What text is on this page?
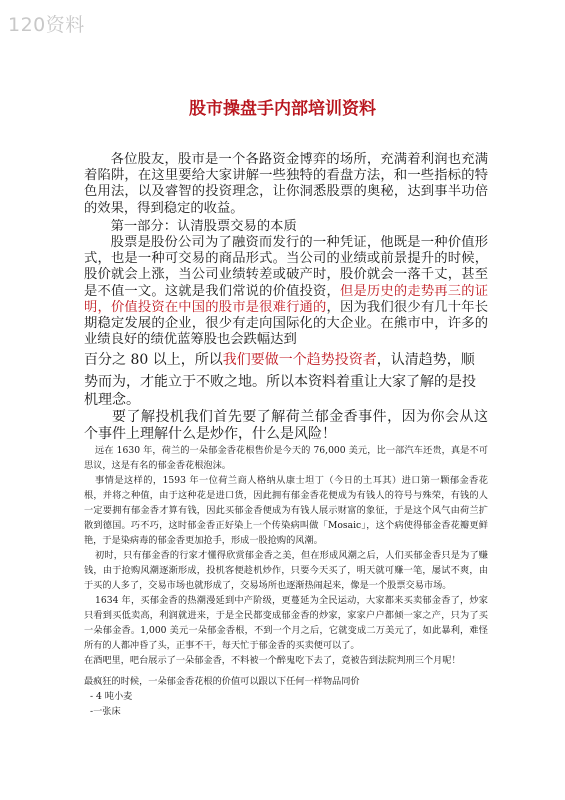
120资料
股市操盘手内部培训资料

各位股友，股市是一个各路资金博弈的场所，充满着利润也充满着陷阱，在这里要给大家讲解一些独特的看盘方法，和一些指标的特色用法，以及睿智的投资理念，让你洞悉股票的奥秘，达到事半功倍的效果，得到稳定的收益。

第一部分：认清股票交易的本质

股票是股份公司为了融资而发行的一种凭证，他既是一种价值形式，也是一种可交易的商品形式。当公司的业绩或前景提升的时候，股价就会上涨，当公司业绩转差或破产时，股价就会一落千丈，甚至是不值一文。这就是我们常说的价值投资，但是历史的走势再三的证明，价值投资在中国的股市是很难行通的，因为我们很少有几十年长期稳定发展的企业，很少有走向国际化的大企业。在熊市中，许多的业绩良好的绩优蓝筹股也会跌幅达到

百分之 80 以上，所以我们要做一个趋势投资者，认清趋势，顺

势而为，才能立于不败之地。所以本资料着重让大家了解的是投机理念。

要了解投机我们首先要了解荷兰郁金香事件，因为你会从这个事件上理解什么是炒作，什么是风险！

远在 1630 年，荷兰的一朵郁金香花根售价是今天的 76,000 美元，比一部汽车还贵，真是不可思议，这是有名的郁金香花根泡沫。

事情是这样的，1593 年一位荷兰商人格纳从康士坦丁（今日的土耳其）进口第一颗郁金香花根，并将之种值，由于这种花是进口货，因此拥有郁金香花便成为有钱人的符号与殊荣，有钱的人一定要拥有郁金香才算有钱，因此买郁金香便成为有钱人展示财富的象征，于是这个风气由荷兰扩散到德国。巧不巧，这时郁金香正好染上一个传染病叫做「Mosaic」，这个病使得郁金香花瓣更鲜艳，于是染病毒的郁金香更加抢手，形成一股抢购的风潮。

初时，只有郁金香的行家才懂得欣赏郁金香之美，但在形成风潮之后，人们买郁金香只是为了赚钱，由于抢购风潮逐渐形成，投机客便趁机炒作，只要今天买了，明天就可赚一笔，屡试不爽，由于买的人多了，交易市场也就形成了，交易场所也逐渐热闹起来，像是一个股票交易市场。

1634 年，买郁金香的热潮漫延到中产阶级，更蔓延为全民运动，大家都来买卖郁金香了，炒家只看到买低卖高，利润就进来，于是全民都变成郁金香的炒家，家家户户都倾一家之产，只为了买一朵郁金香。1,000 美元一朵郁金香根，不到一个月之后，它就变成二万美元了，如此暴利，难怪所有的人都冲昏了头，正事不干，每天忙于郁金香的买卖便可以了。

在酒吧里，吧台展示了一朵郁金香，不料被一个醉鬼吃下去了，竟被告到法院判刑三个月呢！

最疯狂的时候，一朵郁金香花根的价值可以跟以下任何一样物品同价

- 4 吨小麦

-一张床
